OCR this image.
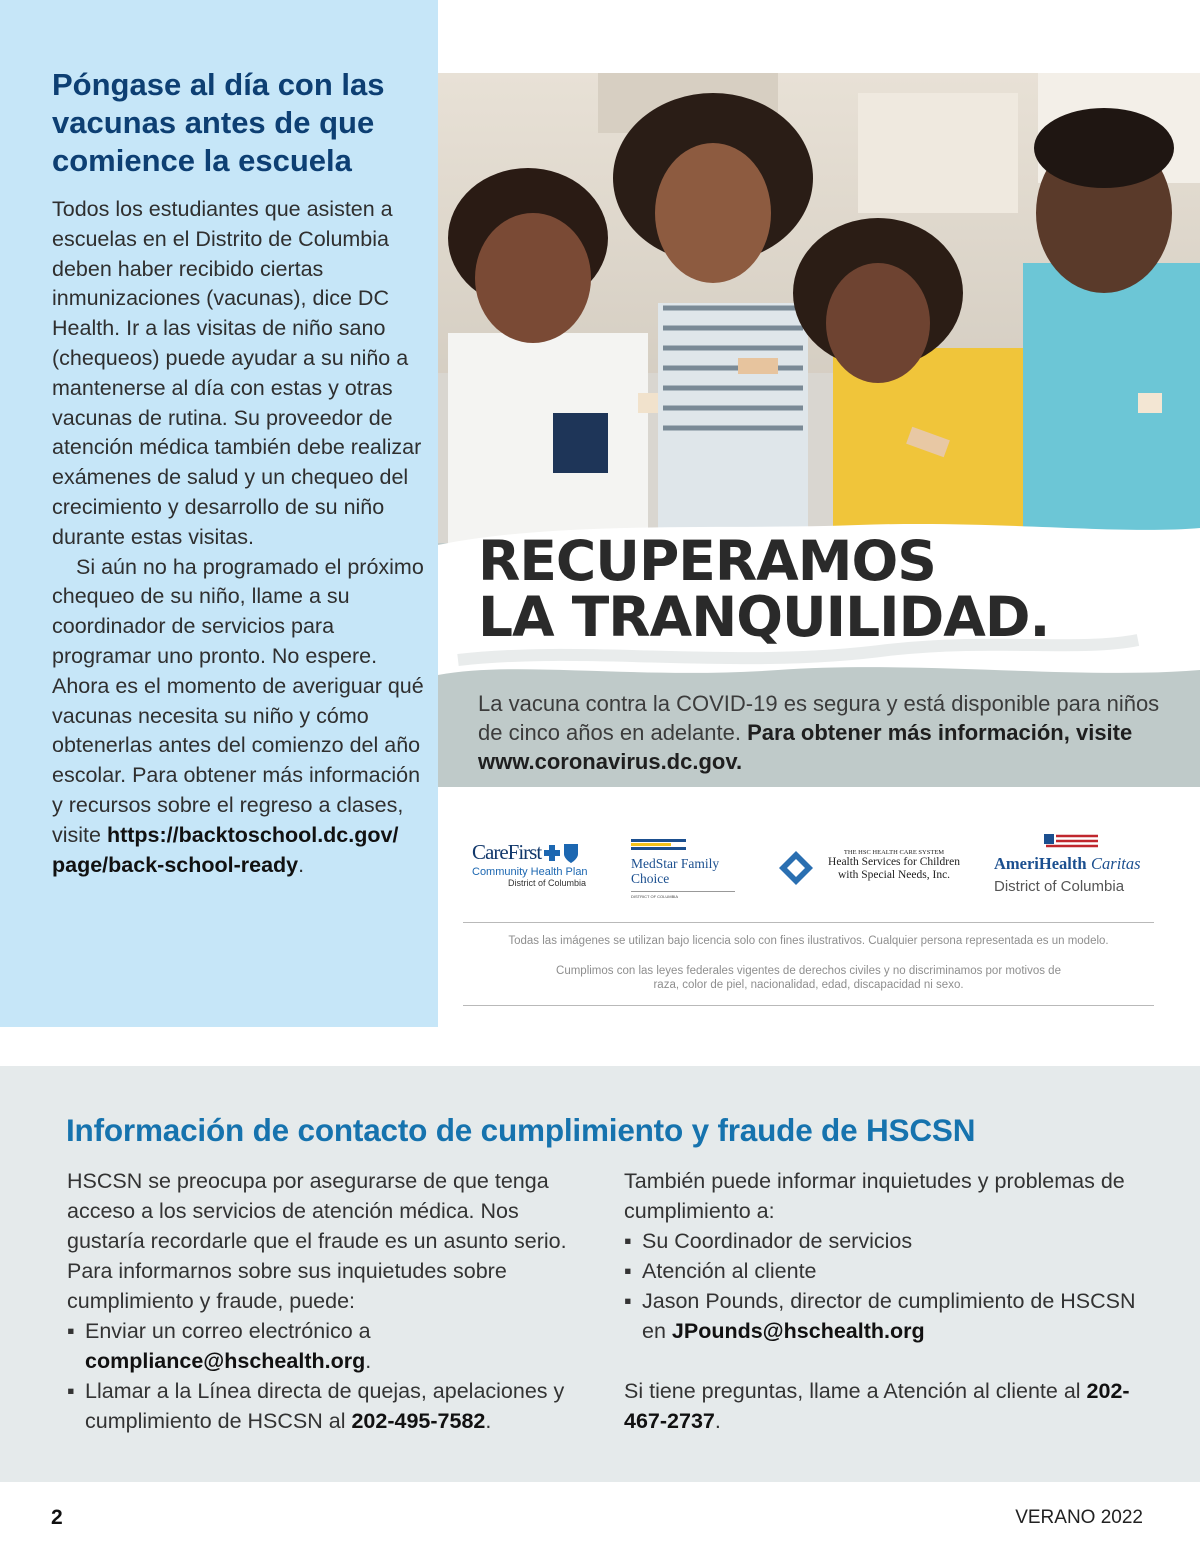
Póngase al día con las vacunas antes de que comience la escuela

Todos los estudiantes que asisten a escuelas en el Distrito de Columbia deben haber recibido ciertas inmunizaciones (vacunas), dice DC Health. Ir a las visitas de niño sano (chequeos) puede ayudar a su niño a mantenerse al día con estas y otras vacunas de rutina. Su proveedor de atención médica también debe realizar exámenes de salud y un chequeo del crecimiento y desarrollo de su niño durante estas visitas.

Si aún no ha programado el próximo chequeo de su niño, llame a su coordinador de servicios para programar uno pronto. No espere. Ahora es el momento de averiguar qué vacunas necesita su niño y cómo obtenerlas antes del comienzo del año escolar. Para obtener más información y recursos sobre el regreso a clases, visite https://backtoschool.dc.gov/ page/back-school-ready.

RECUPERAMOS
LA TRANQUILIDAD.
La vacuna contra la COVID-19 es segura y está disponible para niños de cinco años en adelante. Para obtener más información, visite www.coronavirus.dc.gov.
CareFirst
Community Health Plan
District of Columbia
MedStar Family
Choice
DISTRICT OF COLUMBIA
THE HSC HEALTH CARE SYSTEM
Health Services for Children
with Special Needs, Inc.
AmeriHealth Caritas
District of Columbia
Todas las imágenes se utilizan bajo licencia solo con fines ilustrativos. Cualquier persona representada es un modelo.
Cumplimos con las leyes federales vigentes de derechos civiles y no discriminamos por motivos de raza, color de piel, nacionalidad, edad, discapacidad ni sexo.
Información de contacto de cumplimiento y fraude de HSCSN
HSCSN se preocupa por asegurarse de que tenga acceso a los servicios de atención médica. Nos gustaría recordarle que el fraude es un asunto serio. Para informarnos sobre sus inquietudes sobre cumplimiento y fraude, puede:
▪ Enviar un correo electrónico a compliance@hschealth.org.
▪ Llamar a la Línea directa de quejas, apelaciones y cumplimiento de HSCSN al 202-495-7582.
También puede informar inquietudes y problemas de cumplimiento a:
▪ Su Coordinador de servicios
▪ Atención al cliente
▪ Jason Pounds, director de cumplimiento de HSCSN en JPounds@hschealth.org
Si tiene preguntas, llame a Atención al cliente al 202-467-2737.
2	VERANO 2022
